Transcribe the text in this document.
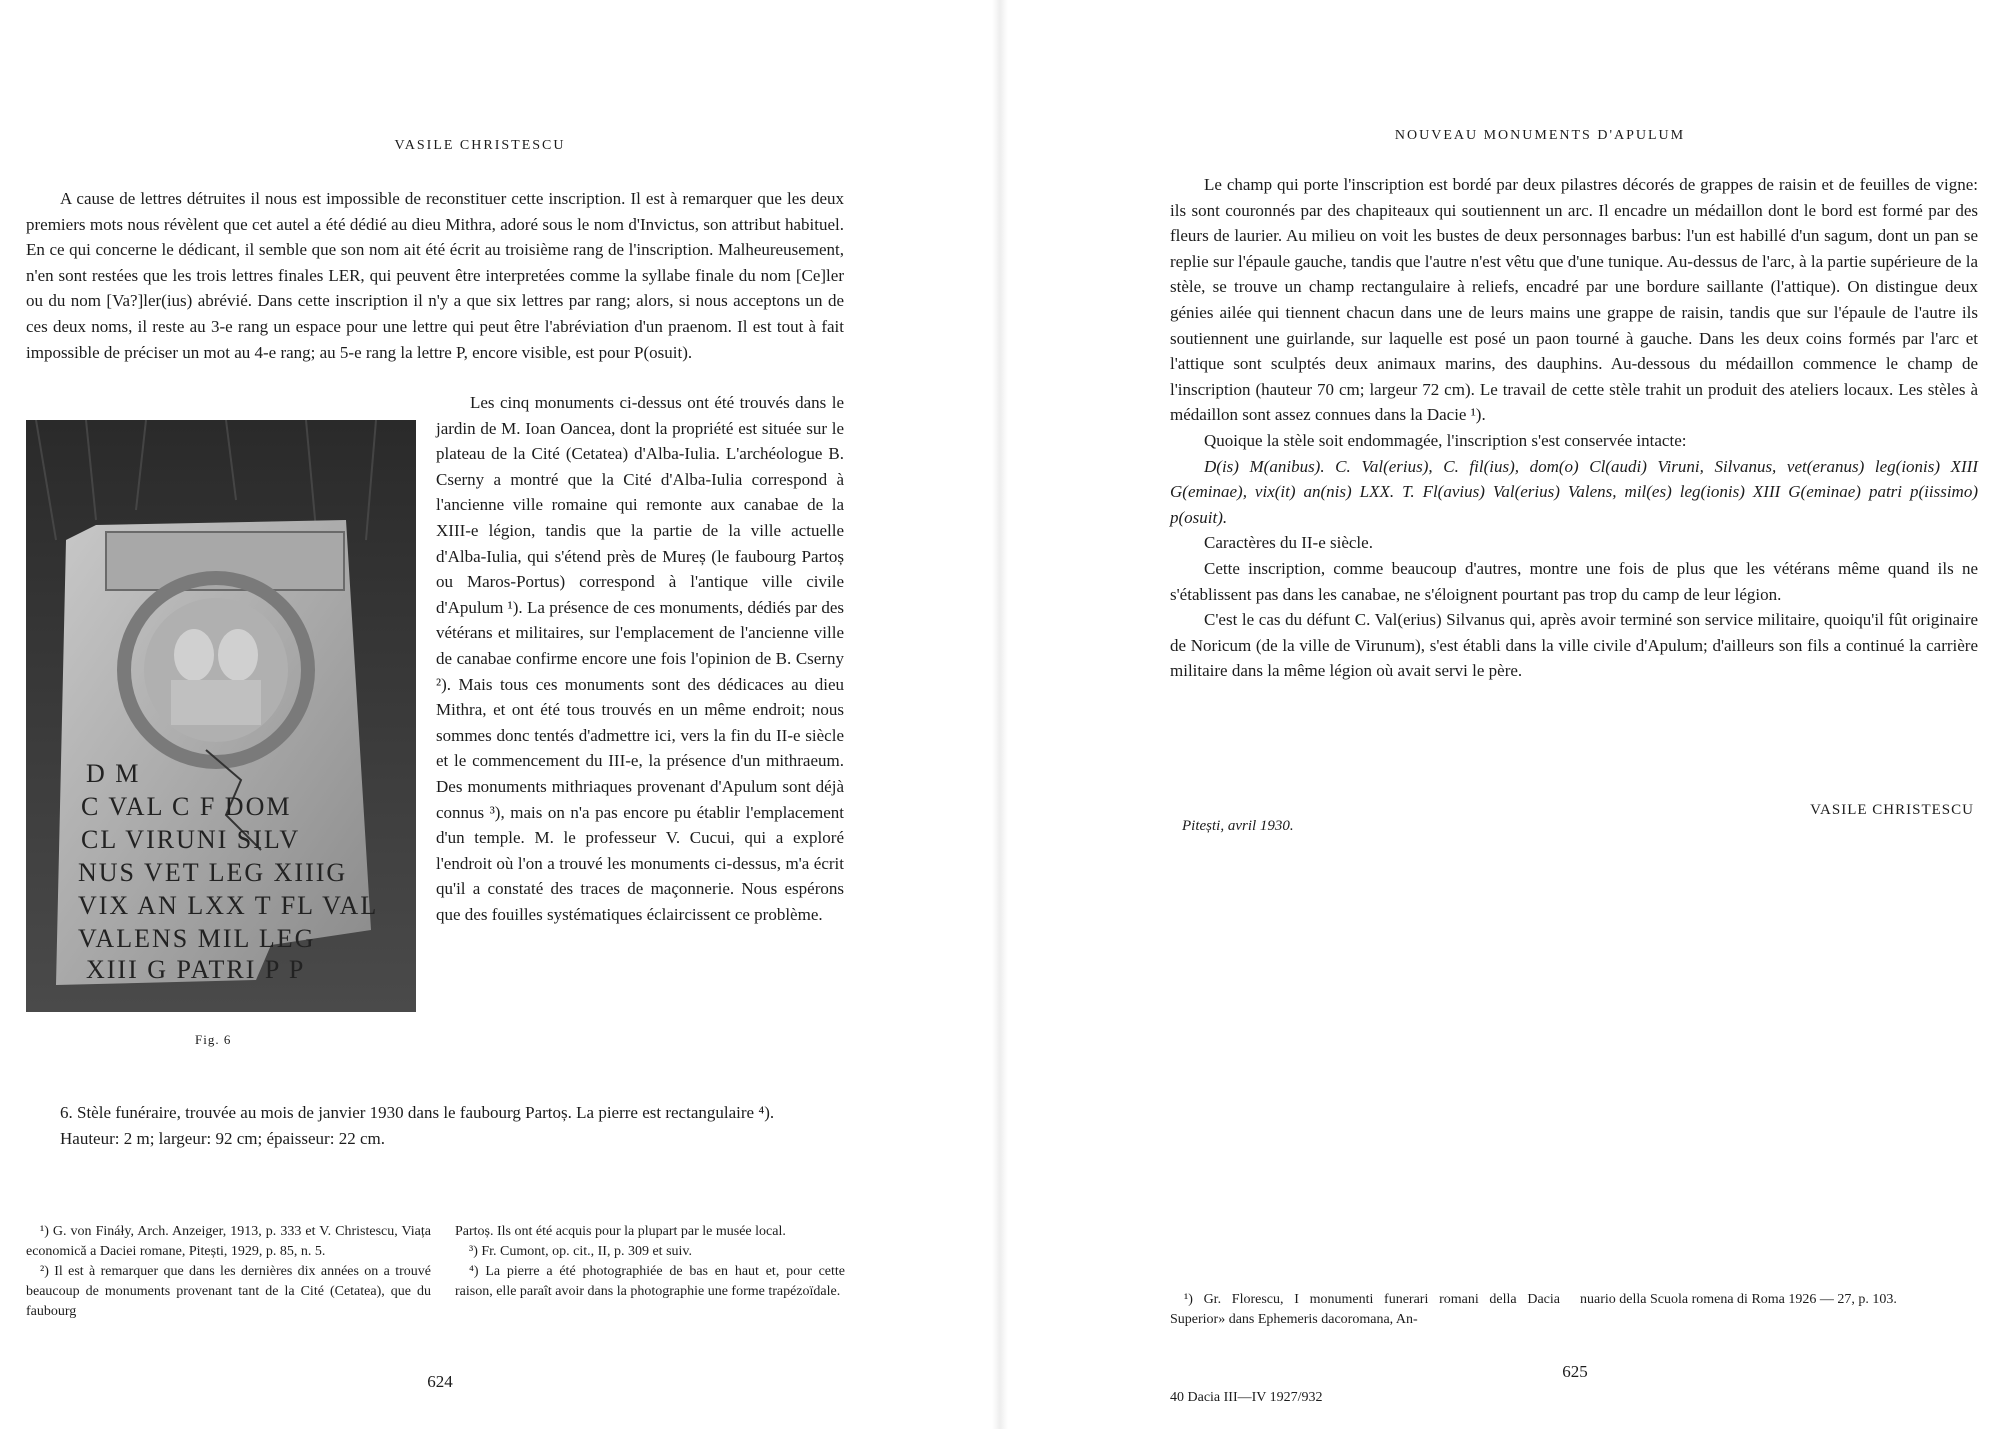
VASILE CHRISTESCU

A cause de lettres détruites il nous est impossible de reconstituer cette inscription. Il est à remarquer que les deux premiers mots nous révèlent que cet autel a été dédié au dieu Mithra, adoré sous le nom d'Invictus, son attribut habituel. En ce qui concerne le dédicant, il semble que son nom ait été écrit au troisième rang de l'inscription. Malheureusement, n'en sont restées que les trois lettres finales LER, qui peuvent être interpretées comme la syllabe finale du nom [Ce]ler ou du nom [Va?]ler(ius) abrévié. Dans cette inscription il n'y a que six lettres par rang; alors, si nous acceptons un de ces deux noms, il reste au 3-e rang un espace pour une lettre qui peut être l'abréviation d'un praenom. Il est tout à fait impossible de préciser un mot au 4-e rang; au 5-e rang la lettre P, encore visible, est pour P(osuit).

D M
C VAL C F DOM
CL VIRUNI SILV
NUS VET LEG XIIIG
VIX AN LXX T FL VAL
VALENS MIL LEG
XIII G PATRI P P
Fig. 6

Les cinq monuments ci-dessus ont été trouvés dans le jardin de M. Ioan Oancea, dont la propriété est située sur le plateau de la Cité (Cetatea) d'Alba-Iulia. L'archéologue B. Cserny a montré que la Cité d'Alba-Iulia correspond à l'ancienne ville romaine qui remonte aux canabae de la XIII-e légion, tandis que la partie de la ville actuelle d'Alba-Iulia, qui s'étend près de Mureș (le faubourg Partoș ou Maros-Portus) correspond à l'antique ville civile d'Apulum ¹). La présence de ces monuments, dédiés par des vétérans et militaires, sur l'emplacement de l'ancienne ville de canabae confirme encore une fois l'opinion de B. Cserny ²). Mais tous ces monuments sont des dédicaces au dieu Mithra, et ont été tous trouvés en un même endroit; nous sommes donc tentés d'admettre ici, vers la fin du II-e siècle et le commencement du III-e, la présence d'un mithraeum. Des monuments mithriaques provenant d'Apulum sont déjà connus ³), mais on n'a pas encore pu établir l'emplacement d'un temple. M. le professeur V. Cucui, qui a exploré l'endroit où l'on a trouvé les monuments ci-dessus, m'a écrit qu'il a constaté des traces de maçonnerie. Nous espérons que des fouilles systématiques éclaircissent ce problème.

6. Stèle funéraire, trouvée au mois de janvier 1930 dans le faubourg Partoș. La pierre est rectangulaire ⁴).

Hauteur: 2 m; largeur: 92 cm; épaisseur: 22 cm.

¹) G. von Fináły, Arch. Anzeiger, 1913, p. 333 et V. Christescu, Viața economică a Daciei romane, Pitești, 1929, p. 85, n. 5.

²) Il est à remarquer que dans les dernières dix années on a trouvé beaucoup de monuments provenant tant de la Cité (Cetatea), que du faubourg

Partoș. Ils ont été acquis pour la plupart par le musée local.

³) Fr. Cumont, op. cit., II, p. 309 et suiv.

⁴) La pierre a été photographiée de bas en haut et, pour cette raison, elle paraît avoir dans la photographie une forme trapézoïdale.

624
NOUVEAU MONUMENTS D'APULUM

Le champ qui porte l'inscription est bordé par deux pilastres décorés de grappes de raisin et de feuilles de vigne: ils sont couronnés par des chapiteaux qui soutiennent un arc. Il encadre un médaillon dont le bord est formé par des fleurs de laurier. Au milieu on voit les bustes de deux personnages barbus: l'un est habillé d'un sagum, dont un pan se replie sur l'épaule gauche, tandis que l'autre n'est vêtu que d'une tunique. Au-dessus de l'arc, à la partie supérieure de la stèle, se trouve un champ rectangulaire à reliefs, encadré par une bordure saillante (l'attique). On distingue deux génies ailée qui tiennent chacun dans une de leurs mains une grappe de raisin, tandis que sur l'épaule de l'autre ils soutiennent une guirlande, sur laquelle est posé un paon tourné à gauche. Dans les deux coins formés par l'arc et l'attique sont sculptés deux animaux marins, des dauphins. Au-dessous du médaillon commence le champ de l'inscription (hauteur 70 cm; largeur 72 cm). Le travail de cette stèle trahit un produit des ateliers locaux. Les stèles à médaillon sont assez connues dans la Dacie ¹).

Quoique la stèle soit endommagée, l'inscription s'est conservée intacte:

D(is) M(anibus). C. Val(erius), C. fil(ius), dom(o) Cl(audi) Viruni, Silvanus, vet(eranus) leg(ionis) XIII G(eminae), vix(it) an(nis) LXX. T. Fl(avius) Val(erius) Valens, mil(es) leg(ionis) XIII G(eminae) patri p(iissimo) p(osuit).

Caractères du II-e siècle.

Cette inscription, comme beaucoup d'autres, montre une fois de plus que les vétérans même quand ils ne s'établissent pas dans les canabae, ne s'éloignent pourtant pas trop du camp de leur légion.

C'est le cas du défunt C. Val(erius) Silvanus qui, après avoir terminé son service militaire, quoiqu'il fût originaire de Noricum (de la ville de Virunum), s'est établi dans la ville civile d'Apulum; d'ailleurs son fils a continué la carrière militaire dans la même légion où avait servi le père.

VASILE CHRISTESCU
Pitești, avril 1930.

¹) Gr. Florescu, I monumenti funerari romani della Dacia Superior» dans Ephemeris dacoromana, An-

nuario della Scuola romena di Roma 1926 — 27, p. 103.

625
40 Dacia III—IV 1927/932
